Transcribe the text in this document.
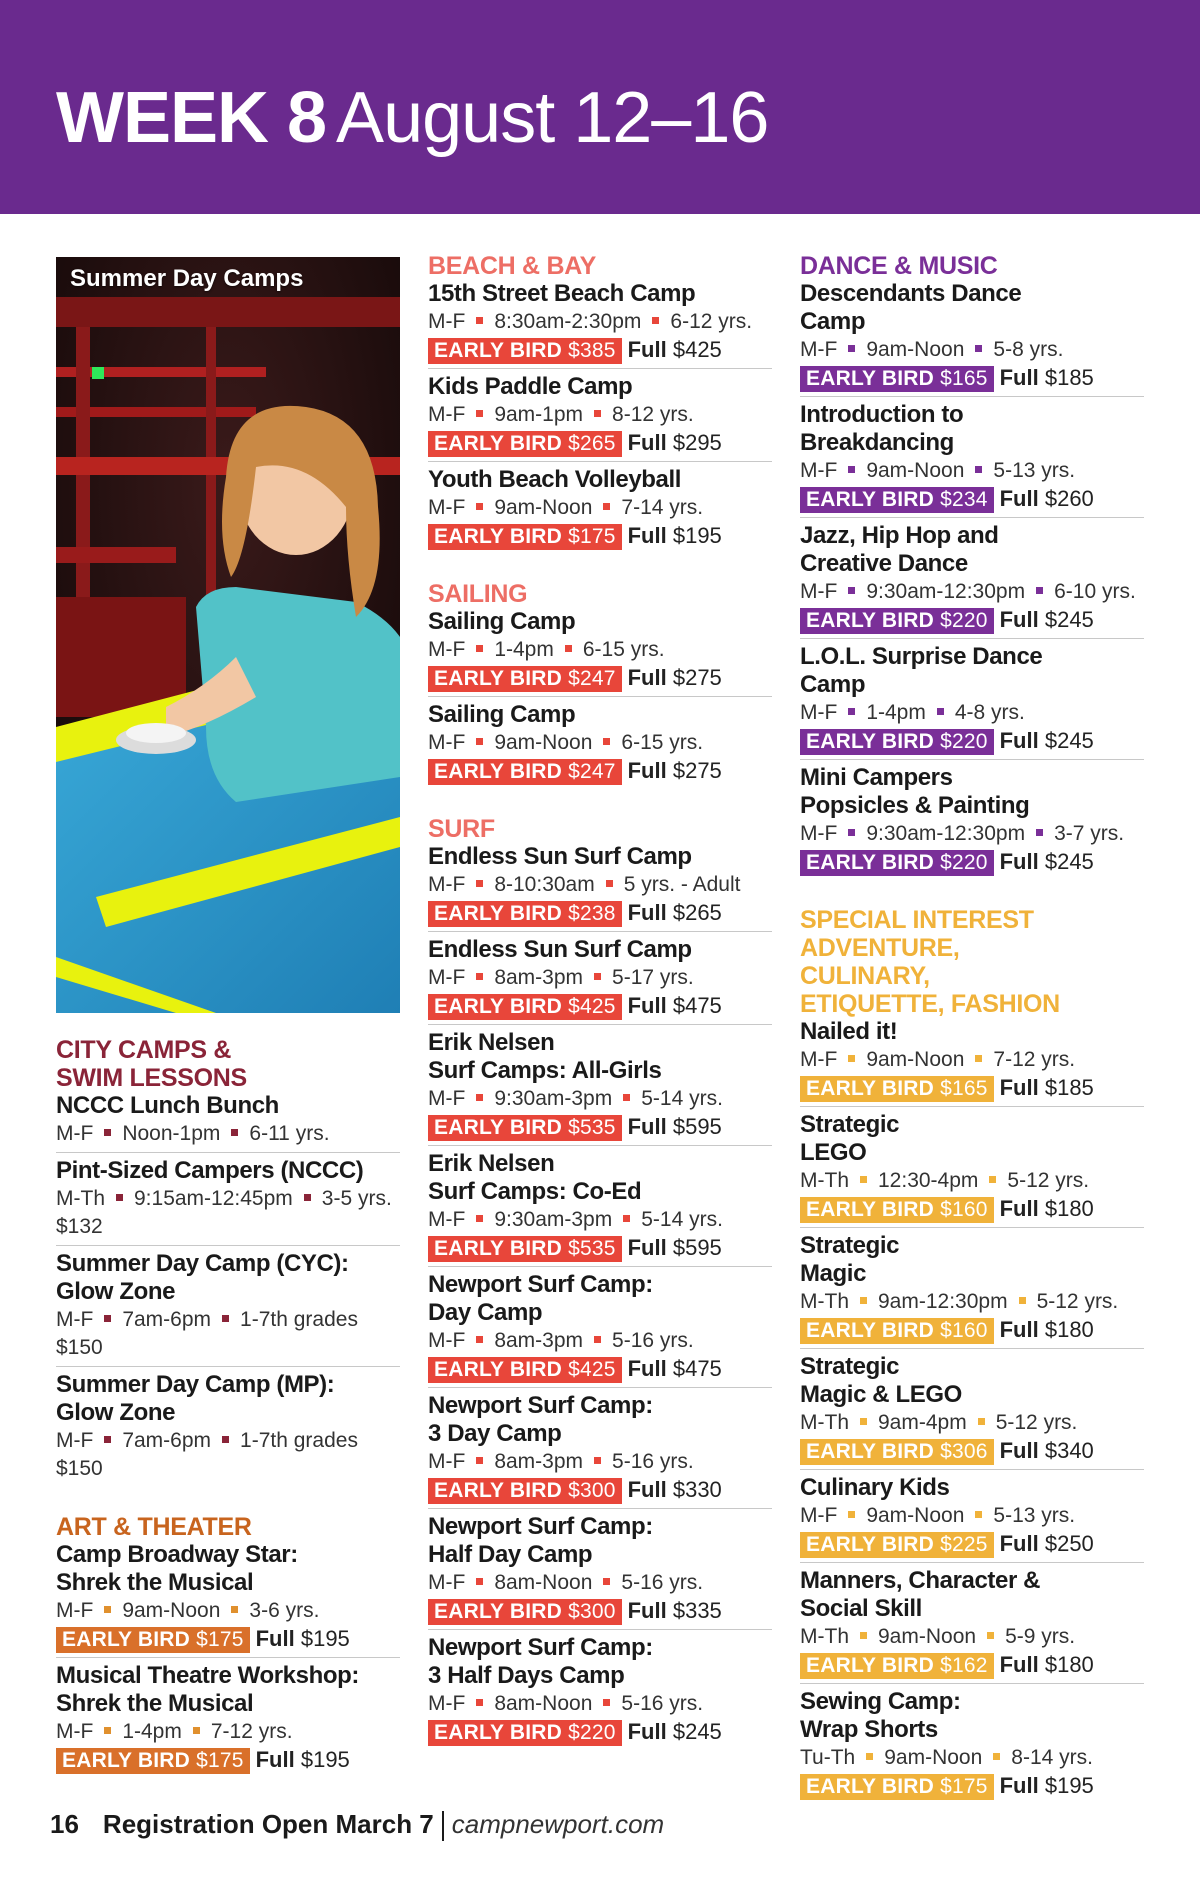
WEEK 8 August 12–16
Summer Day Camps
CITY CAMPS & SWIM LESSONS
NCCC Lunch Bunch
M-F Noon-1pm 6-11 yrs.
Pint-Sized Campers (NCCC)
M-Th 9:15am-12:45pm 3-5 yrs.
$132
Summer Day Camp (CYC):
Glow Zone
M-F 7am-6pm 1-7th grades
$150
Summer Day Camp (MP):
Glow Zone
M-F 7am-6pm 1-7th grades
$150
ART & THEATER
Camp Broadway Star:
Shrek the Musical
M-F 9am-Noon 3-6 yrs.
EARLY BIRD $175 Full $195
Musical Theatre Workshop:
Shrek the Musical
M-F 1-4pm 7-12 yrs.
EARLY BIRD $175 Full $195
BEACH & BAY
15th Street Beach Camp
M-F 8:30am-2:30pm 6-12 yrs.
EARLY BIRD $385 Full $425
Kids Paddle Camp
M-F 9am-1pm 8-12 yrs.
EARLY BIRD $265 Full $295
Youth Beach Volleyball
M-F 9am-Noon 7-14 yrs.
EARLY BIRD $175 Full $195
SAILING
Sailing Camp
M-F 1-4pm 6-15 yrs.
EARLY BIRD $247 Full $275
Sailing Camp
M-F 9am-Noon 6-15 yrs.
EARLY BIRD $247 Full $275
SURF
Endless Sun Surf Camp
M-F 8-10:30am 5 yrs. - Adult
EARLY BIRD $238 Full $265
Endless Sun Surf Camp
M-F 8am-3pm 5-17 yrs.
EARLY BIRD $425 Full $475
Erik Nelsen
Surf Camps: All-Girls
M-F 9:30am-3pm 5-14 yrs.
EARLY BIRD $535 Full $595
Erik Nelsen
Surf Camps: Co-Ed
M-F 9:30am-3pm 5-14 yrs.
EARLY BIRD $535 Full $595
Newport Surf Camp:
Day Camp
M-F 8am-3pm 5-16 yrs.
EARLY BIRD $425 Full $475
Newport Surf Camp:
3 Day Camp
M-F 8am-3pm 5-16 yrs.
EARLY BIRD $300 Full $330
Newport Surf Camp:
Half Day Camp
M-F 8am-Noon 5-16 yrs.
EARLY BIRD $300 Full $335
Newport Surf Camp:
3 Half Days Camp
M-F 8am-Noon 5-16 yrs.
EARLY BIRD $220 Full $245
DANCE & MUSIC
Descendants Dance
Camp
M-F 9am-Noon 5-8 yrs.
EARLY BIRD $165 Full $185
Introduction to
Breakdancing
M-F 9am-Noon 5-13 yrs.
EARLY BIRD $234 Full $260
Jazz, Hip Hop and
Creative Dance
M-F 9:30am-12:30pm 6-10 yrs.
EARLY BIRD $220 Full $245
L.O.L. Surprise Dance
Camp
M-F 1-4pm 4-8 yrs.
EARLY BIRD $220 Full $245
Mini Campers
Popsicles & Painting
M-F 9:30am-12:30pm 3-7 yrs.
EARLY BIRD $220 Full $245
SPECIAL INTEREST
ADVENTURE, CULINARY, ETIQUETTE, FASHION
Nailed it!
M-F 9am-Noon 7-12 yrs.
EARLY BIRD $165 Full $185
Strategic
LEGO
M-Th 12:30-4pm 5-12 yrs.
EARLY BIRD $160 Full $180
Strategic
Magic
M-Th 9am-12:30pm 5-12 yrs.
EARLY BIRD $160 Full $180
Strategic
Magic & LEGO
M-Th 9am-4pm 5-12 yrs.
EARLY BIRD $306 Full $340
Culinary Kids
M-F 9am-Noon 5-13 yrs.
EARLY BIRD $225 Full $250
Manners, Character &
Social Skill
M-Th 9am-Noon 5-9 yrs.
EARLY BIRD $162 Full $180
Sewing Camp:
Wrap Shorts
Tu-Th 9am-Noon 8-14 yrs.
EARLY BIRD $175 Full $195
16 Registration Open March 7 campnewport.com
